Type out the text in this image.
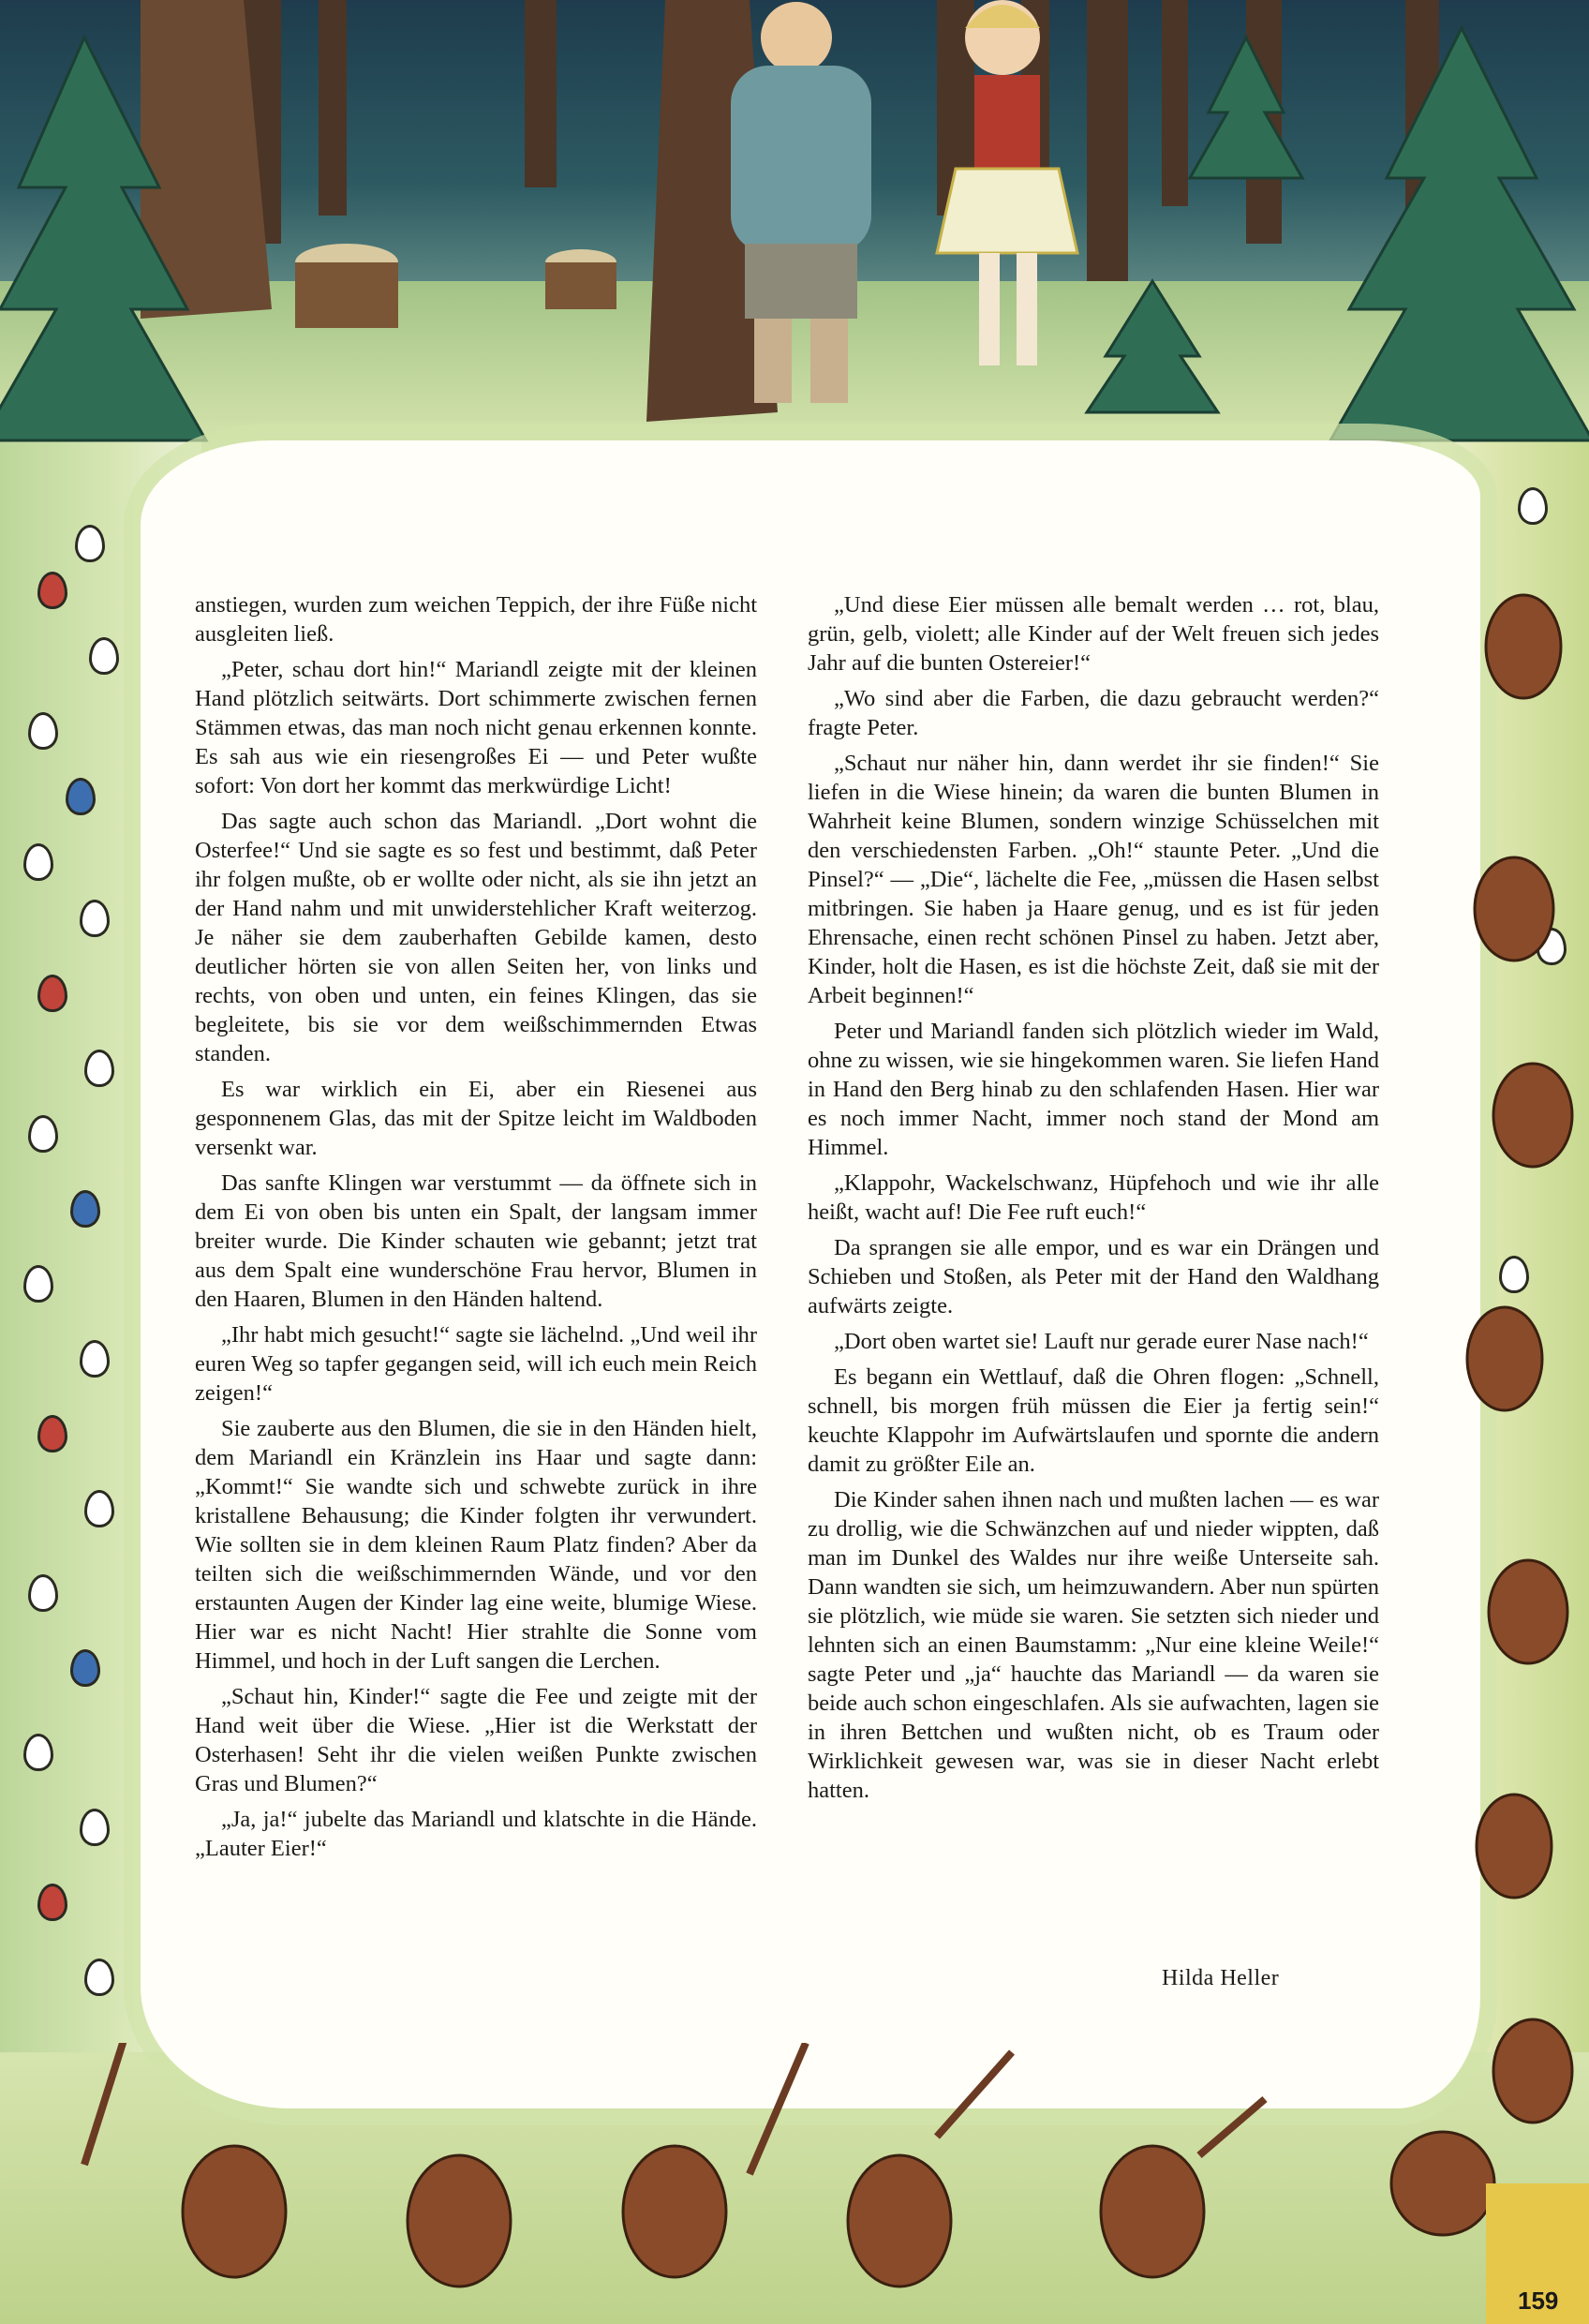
anstiegen, wurden zum weichen Teppich, der ihre Füße nicht ausgleiten ließ.

„Peter, schau dort hin!“ Mariandl zeigte mit der kleinen Hand plötzlich seitwärts. Dort schimmerte zwischen fernen Stämmen etwas, das man noch nicht genau erkennen konnte. Es sah aus wie ein riesengroßes Ei — und Peter wußte sofort: Von dort her kommt das merkwürdige Licht!

Das sagte auch schon das Mariandl. „Dort wohnt die Osterfee!“ Und sie sagte es so fest und bestimmt, daß Peter ihr folgen mußte, ob er wollte oder nicht, als sie ihn jetzt an der Hand nahm und mit unwiderstehlicher Kraft weiterzog. Je näher sie dem zauberhaften Gebilde kamen, desto deutlicher hörten sie von allen Seiten her, von links und rechts, von oben und unten, ein feines Klingen, das sie begleitete, bis sie vor dem weißschimmernden Etwas standen.

Es war wirklich ein Ei, aber ein Riesenei aus gesponnenem Glas, das mit der Spitze leicht im Waldboden versenkt war.

Das sanfte Klingen war verstummt — da öffnete sich in dem Ei von oben bis unten ein Spalt, der langsam immer breiter wurde. Die Kinder schauten wie gebannt; jetzt trat aus dem Spalt eine wunderschöne Frau hervor, Blumen in den Haaren, Blumen in den Händen haltend.

„Ihr habt mich gesucht!“ sagte sie lächelnd. „Und weil ihr euren Weg so tapfer gegangen seid, will ich euch mein Reich zeigen!“

Sie zauberte aus den Blumen, die sie in den Händen hielt, dem Mariandl ein Kränzlein ins Haar und sagte dann: „Kommt!“ Sie wandte sich und schwebte zurück in ihre kristallene Behausung; die Kinder folgten ihr verwundert. Wie sollten sie in dem kleinen Raum Platz finden? Aber da teilten sich die weißschimmernden Wände, und vor den erstaunten Augen der Kinder lag eine weite, blumige Wiese. Hier war es nicht Nacht! Hier strahlte die Sonne vom Himmel, und hoch in der Luft sangen die Lerchen.

„Schaut hin, Kinder!“ sagte die Fee und zeigte mit der Hand weit über die Wiese. „Hier ist die Werkstatt der Osterhasen! Seht ihr die vielen weißen Punkte zwischen Gras und Blumen?“

„Ja, ja!“ jubelte das Mariandl und klatschte in die Hände. „Lauter Eier!“

„Und diese Eier müssen alle bemalt werden … rot, blau, grün, gelb, violett; alle Kinder auf der Welt freuen sich jedes Jahr auf die bunten Ostereier!“

„Wo sind aber die Farben, die dazu gebraucht werden?“ fragte Peter.

„Schaut nur näher hin, dann werdet ihr sie finden!“ Sie liefen in die Wiese hinein; da waren die bunten Blumen in Wahrheit keine Blumen, sondern winzige Schüsselchen mit den verschiedensten Farben. „Oh!“ staunte Peter. „Und die Pinsel?“ — „Die“, lächelte die Fee, „müssen die Hasen selbst mitbringen. Sie haben ja Haare genug, und es ist für jeden Ehrensache, einen recht schönen Pinsel zu haben. Jetzt aber, Kinder, holt die Hasen, es ist die höchste Zeit, daß sie mit der Arbeit beginnen!“

Peter und Mariandl fanden sich plötzlich wieder im Wald, ohne zu wissen, wie sie hingekommen waren. Sie liefen Hand in Hand den Berg hinab zu den schlafenden Hasen. Hier war es noch immer Nacht, immer noch stand der Mond am Himmel.

„Klappohr, Wackelschwanz, Hüpfehoch und wie ihr alle heißt, wacht auf! Die Fee ruft euch!“

Da sprangen sie alle empor, und es war ein Drängen und Schieben und Stoßen, als Peter mit der Hand den Waldhang aufwärts zeigte.

„Dort oben wartet sie! Lauft nur gerade eurer Nase nach!“

Es begann ein Wettlauf, daß die Ohren flogen: „Schnell, schnell, bis morgen früh müssen die Eier ja fertig sein!“ keuchte Klappohr im Aufwärtslaufen und spornte die andern damit zu größter Eile an.

Die Kinder sahen ihnen nach und mußten lachen — es war zu drollig, wie die Schwänzchen auf und nieder wippten, daß man im Dunkel des Waldes nur ihre weiße Unterseite sah. Dann wandten sie sich, um heimzuwandern. Aber nun spürten sie plötzlich, wie müde sie waren. Sie setzten sich nieder und lehnten sich an einen Baumstamm: „Nur eine kleine Weile!“ sagte Peter und „ja“ hauchte das Mariandl — da waren sie beide auch schon eingeschlafen. Als sie aufwachten, lagen sie in ihren Bettchen und wußten nicht, ob es Traum oder Wirklichkeit gewesen war, was sie in dieser Nacht erlebt hatten.

Hilda Heller
159
